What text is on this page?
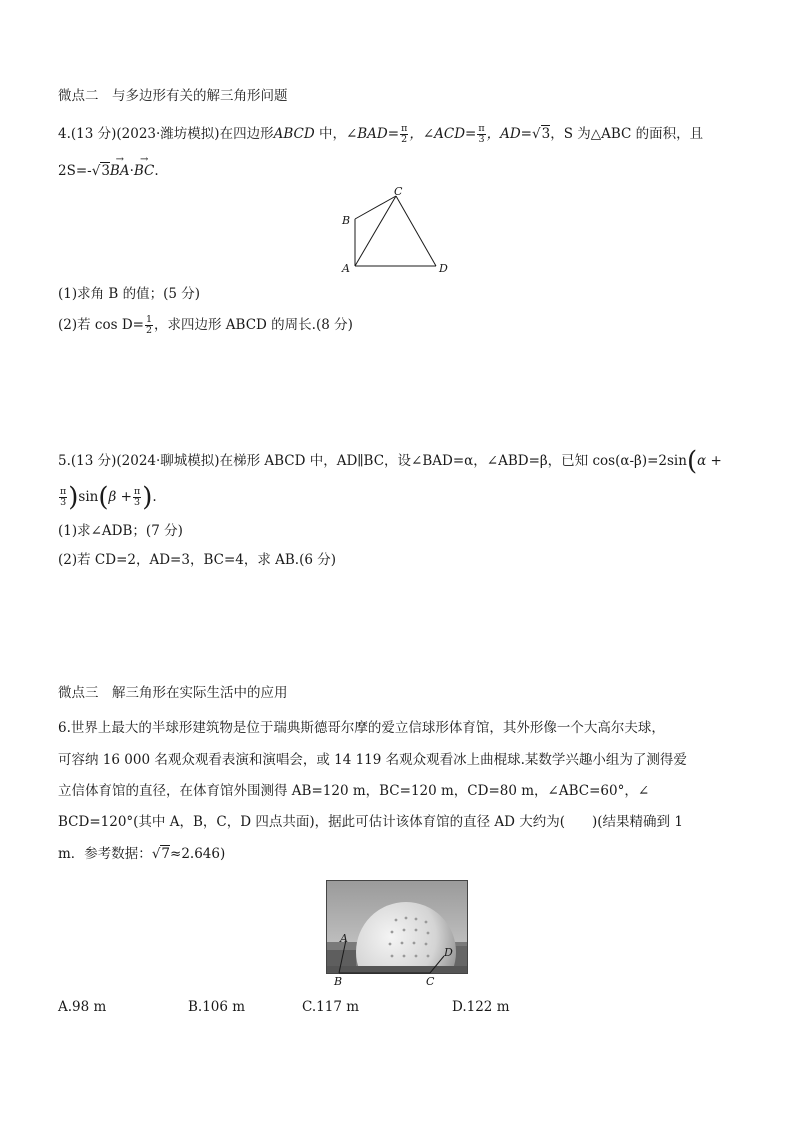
微点二　与多边形有关的解三角形问题
4.(13 分)(2023·潍坊模拟)在四边形ABCD 中，∠BAD= $\frac{\pi}{2}$ ，∠ACD= $\frac{\pi}{3}$ ，AD=√3，S 为△ABC 的面积，且
2S=-√3→ BA·→ BC.
A
B
C
D
(1)求角 B 的值；(5 分)
(2)若 $\cos D= \frac{1}{2}$ ，求四边形 ABCD 的周长.(8 分)
5.(13 分)(2024·聊城模拟)在梯形 ABCD 中，AD∥BC，设∠BAD=α，∠ABD=β，已知 cos(α-β)=2sin(α +
$\frac{\pi}{3} )\sin(\beta + \frac{\pi}{3}$ ).
(1)求∠ADB；(7 分)
(2)若 CD=2，AD=3，BC=4，求 AB.(6 分)
微点三　解三角形在实际生活中的应用
6.世界上最大的半球形建筑物是位于瑞典斯德哥尔摩的爱立信球形体育馆，其外形像一个大高尔夫球，
可容纳 16 000 名观众观看表演和演唱会，或 14 119 名观众观看冰上曲棍球.某数学兴趣小组为了测得爱
立信体育馆的直径，在体育馆外围测得 AB=120 m，BC=120 m，CD=80 m，∠ABC=60°，∠
BCD=120°(其中 A，B，C，D 四点共面)，据此可估计该体育馆的直径 AD 大约为(　　)(结果精确到 1
m．参考数据：√7≈2.646)
A
B	C
D
A.98 m	B.106 m	C.117 m	D.122 m
